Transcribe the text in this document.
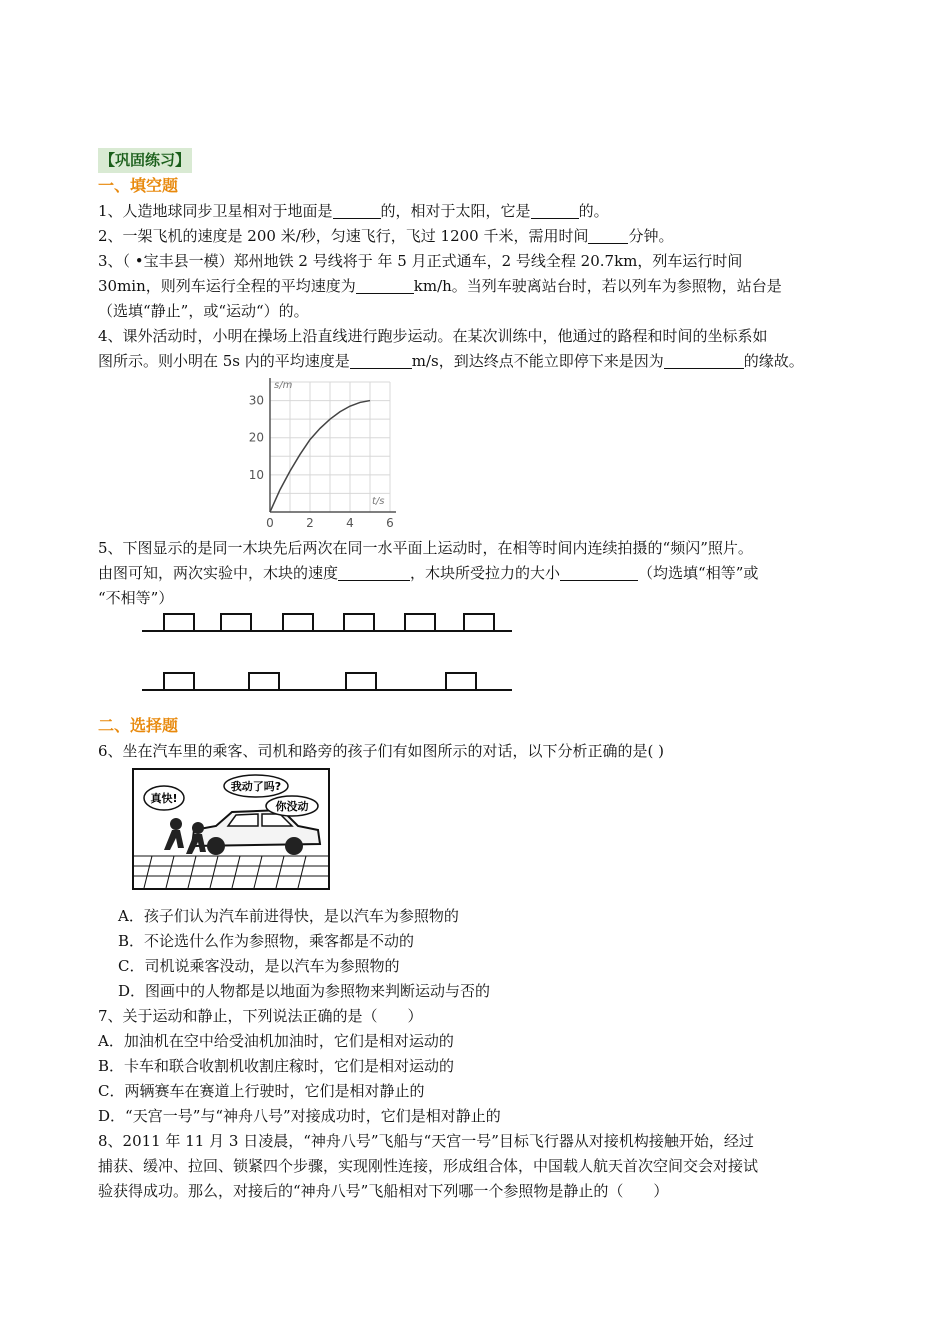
【巩固练习】
一、填空题
1、人造地球同步卫星相对于地面是	的，相对于太阳，它是	的。
2、一架飞机的速度是 200 米/秒，匀速飞行，飞过 1200 千米，需用时间	分钟。
3、（ •宝丰县一模）郑州地铁 2 号线将于 年 5 月正式通车，2 号线全程 20.7km，列车运行时间
30min，则列车运行全程的平均速度为	km/h。当列车驶离站台时，若以列车为参照物，站台是
（选填“静止”，或“运动“）的。
4、课外活动时，小明在操场上沿直线进行跑步运动。在某次训练中，他通过的路程和时间的坐标系如
图所示。则小明在 5s 内的平均速度是	m/s，到达终点不能立即停下来是因为	的缘故。
0	2	4	6
10
20
30
t/s
s/m
5、下图显示的是同一木块先后两次在同一水平面上运动时，在相等时间内连续拍摄的“频闪”照片。
由图可知，两次实验中，木块的速度	，木块所受拉力的大小	（均选填“相等”或
“不相等”）
二、选择题
6、坐在汽车里的乘客、司机和路旁的孩子们有如图所示的对话，以下分析正确的是( )
真快!
我动了吗?
你没动
A．孩子们认为汽车前进得快，是以汽车为参照物的
B．不论选什么作为参照物，乘客都是不动的
C．司机说乘客没动，是以汽车为参照物的
D．图画中的人物都是以地面为参照物来判断运动与否的
7、关于运动和静止，下列说法正确的是（　　）
A．加油机在空中给受油机加油时，它们是相对运动的
B．卡车和联合收割机收割庄稼时，它们是相对运动的
C．两辆赛车在赛道上行驶时，它们是相对静止的
D．“天宫一号”与“神舟八号”对接成功时，它们是相对静止的
8、2011 年 11 月 3 日凌晨，“神舟八号”飞船与“天宫一号”目标飞行器从对接机构接触开始，经过
捕获、缓冲、拉回、锁紧四个步骤，实现刚性连接，形成组合体，中国载人航天首次空间交会对接试
验获得成功。那么，对接后的“神舟八号”飞船相对下列哪一个参照物是静止的（　　）
